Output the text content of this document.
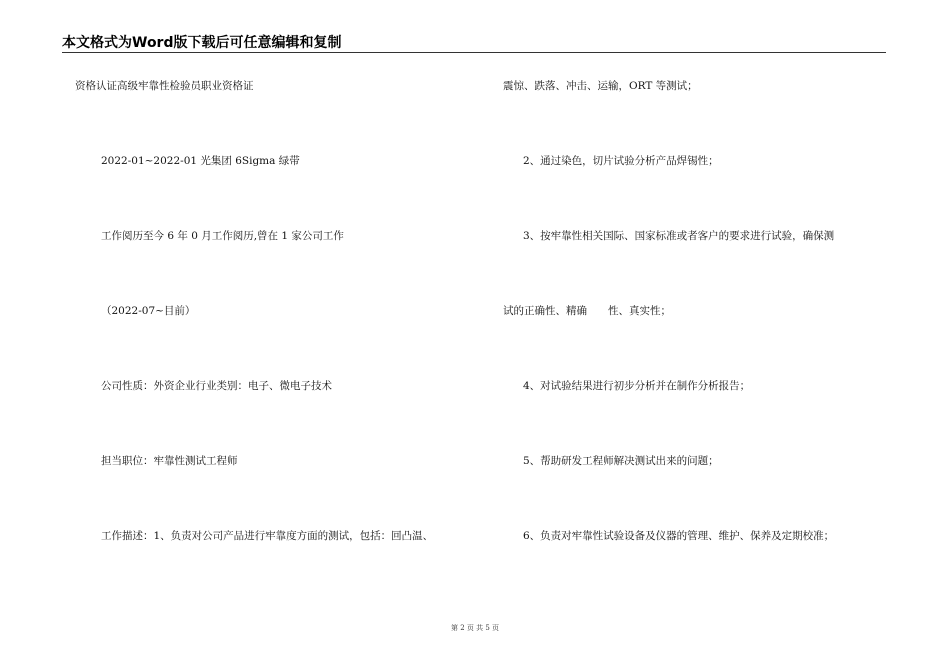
本文格式为Word版下载后可任意编辑和复制
资格认证高级牢靠性检验员职业资格证
2022-01~2022-01 光集团 6Sigma 绿带
工作阅历至今 6 年 0 月工作阅历,曾在 1 家公司工作
（2022-07~目前）
公司性质：外资企业行业类别：电子、微电子技术
担当职位：牢靠性测试工程师
工作描述：1、负责对公司产品进行牢靠度方面的测试，包括：回凸温、
震惊、跌落、冲击、运输，ORT 等测试；
2、通过染色，切片试验分析产品焊锡性；
3、按牢靠性相关国际、国家标准或者客户的要求进行试验，确保测
试的正确性、精确　　性、真实性；
4、对试验结果进行初步分析并在制作分析报告；
5、帮助研发工程师解决测试出来的问题；
6、负责对牢靠性试验设备及仪器的管理、维护、保养及定期校准；
第 2 页 共 5 页
